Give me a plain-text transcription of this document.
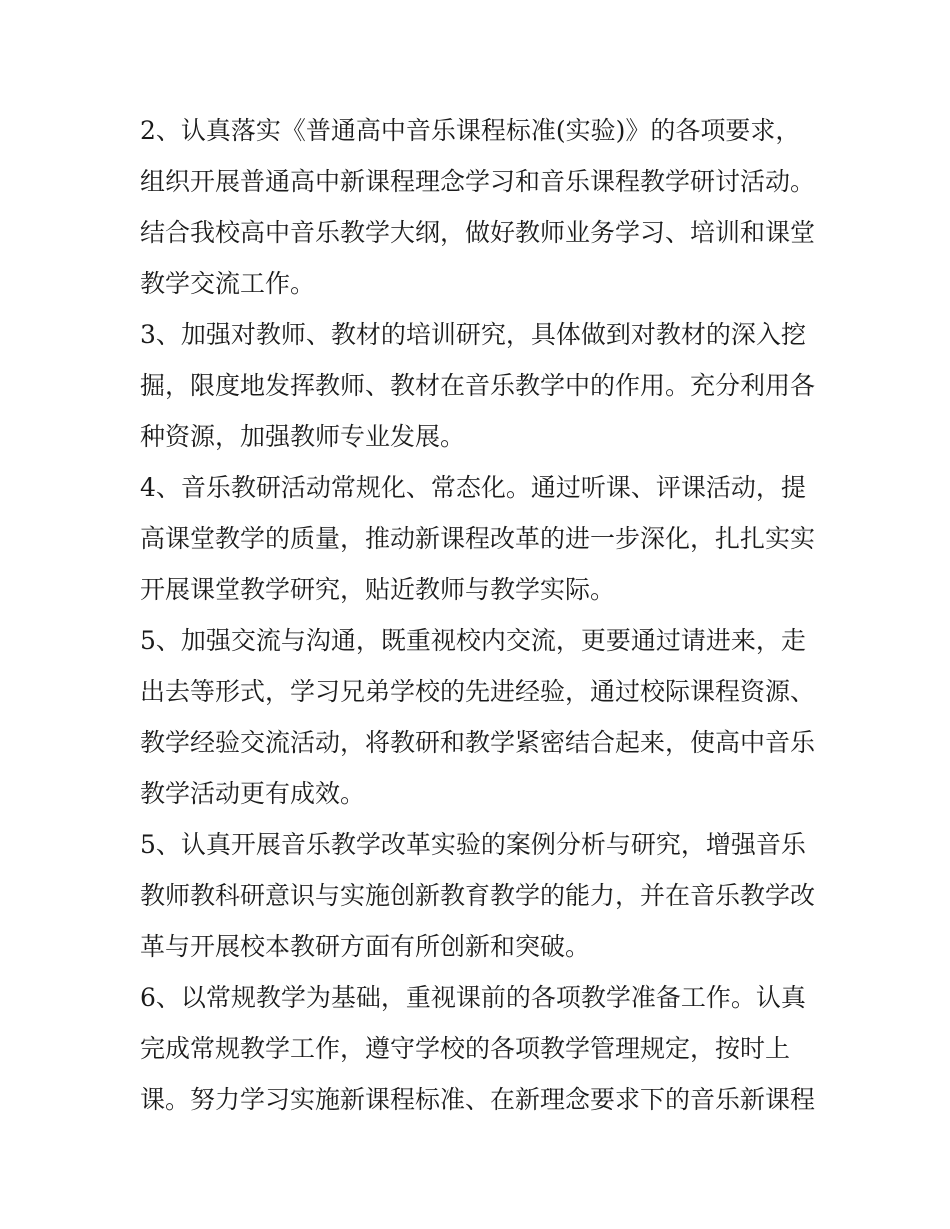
2、认真落实《普通高中音乐课程标准(实验)》的各项要求，
组织开展普通高中新课程理念学习和音乐课程教学研讨活动。
结合我校高中音乐教学大纲，做好教师业务学习、培训和课堂
教学交流工作。
3、加强对教师、教材的培训研究，具体做到对教材的深入挖
掘，限度地发挥教师、教材在音乐教学中的作用。充分利用各
种资源，加强教师专业发展。
4、音乐教研活动常规化、常态化。通过听课、评课活动，提
高课堂教学的质量，推动新课程改革的进一步深化，扎扎实实
开展课堂教学研究，贴近教师与教学实际。
5、加强交流与沟通，既重视校内交流，更要通过请进来，走
出去等形式，学习兄弟学校的先进经验，通过校际课程资源、
教学经验交流活动，将教研和教学紧密结合起来，使高中音乐
教学活动更有成效。
5、认真开展音乐教学改革实验的案例分析与研究，增强音乐
教师教科研意识与实施创新教育教学的能力，并在音乐教学改
革与开展校本教研方面有所创新和突破。
6、以常规教学为基础，重视课前的各项教学准备工作。认真
完成常规教学工作，遵守学校的各项教学管理规定，按时上
课。努力学习实施新课程标准、在新理念要求下的音乐新课程
